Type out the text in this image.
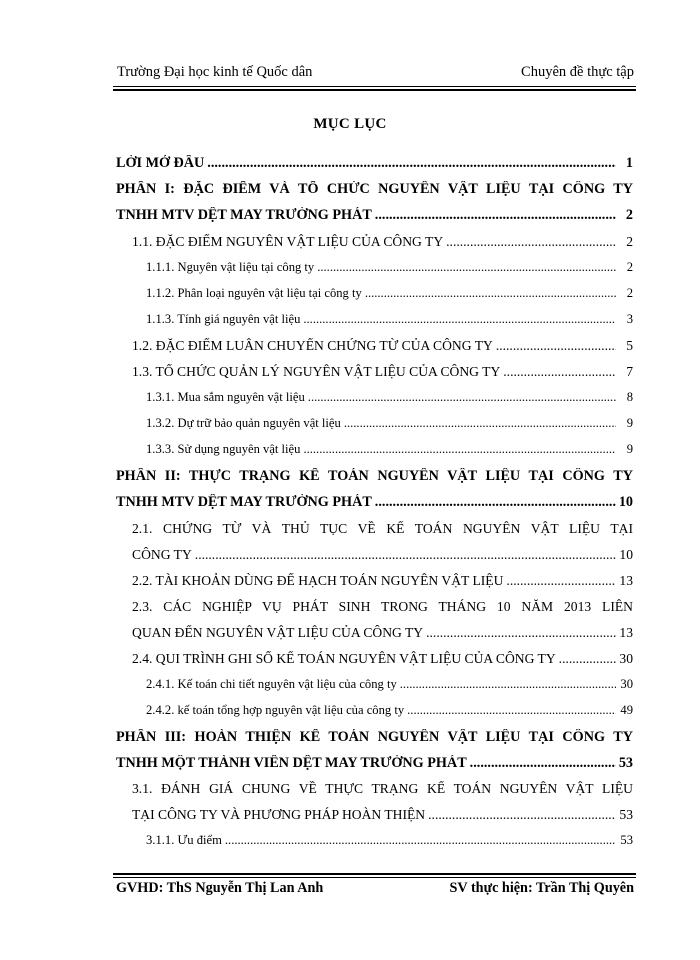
Trường Đại học kinh tế Quốc dân	Chuyên đề thực tập
MỤC LỤC
LỜI MỞ ĐẦU .....	1
PHẦN I: ĐẶC ĐIỂM VÀ TỔ CHỨC NGUYÊN VẬT LIỆU TẠI CÔNG TY
TNHH MTV DỆT MAY TRƯỜNG PHÁT .....	2
1.1. ĐẶC ĐIỂM NGUYÊN VẬT LIỆU CỦA CÔNG TY .....	2
1.1.1. Nguyên vật liệu tại công ty .....	2
1.1.2. Phân loại nguyên vật liệu tại công ty .....	2
1.1.3. Tính giá nguyên vật liệu .....	3
1.2. ĐẶC ĐIỂM LUÂN CHUYỂN CHỨNG TỪ CỦA CÔNG TY .....	5
1.3. TỔ CHỨC QUẢN LÝ NGUYÊN VẬT LIỆU CỦA CÔNG TY .....	7
1.3.1. Mua sắm nguyên vật liệu .....	8
1.3.2. Dự trữ bảo quản nguyên vật liệu .....	9
1.3.3. Sử dụng nguyên vật liệu .....	9
PHẦN II: THỰC TRẠNG KẾ TOÁN NGUYÊN VẬT LIỆU TẠI CÔNG TY
TNHH MTV DỆT MAY TRƯỜNG PHÁT .....	10
2.1. CHỨNG TỪ VÀ THỦ TỤC VỀ KẾ TOÁN NGUYÊN VẬT LIỆU TẠI
CÔNG TY .....	10
2.2. TÀI KHOẢN DÙNG ĐỂ HẠCH TOÁN NGUYÊN VẬT LIỆU .....	13
2.3. CÁC NGHIỆP VỤ PHÁT SINH TRONG THÁNG 10 NĂM 2013 LIÊN
QUAN ĐẾN NGUYÊN VẬT LIỆU CỦA CÔNG TY .....	13
2.4. QUI TRÌNH GHI SỔ KẾ TOÁN NGUYÊN VẬT LIỆU CỦA CÔNG TY .....	30
2.4.1. Kế toán chi tiết nguyên vật liệu của công ty .....	30
2.4.2. kế toán tổng hợp nguyên vật liệu của công ty .....	49
PHẦN III: HOÀN THIỆN KẾ TOÁN NGUYÊN VẬT LIỆU TẠI CÔNG TY
TNHH MỘT THÀNH VIÊN DỆT MAY TRƯỜNG PHÁT .....	53
3.1. ĐÁNH GIÁ CHUNG VỀ THỰC TRẠNG KẾ TOÁN NGUYÊN VẬT LIỆU
TẠI CÔNG TY VÀ PHƯƠNG PHÁP HOÀN THIỆN .....	53
3.1.1. Ưu điểm .....	53
GVHD: ThS Nguyễn Thị Lan Anh	SV thực hiện: Trần Thị Quyên
